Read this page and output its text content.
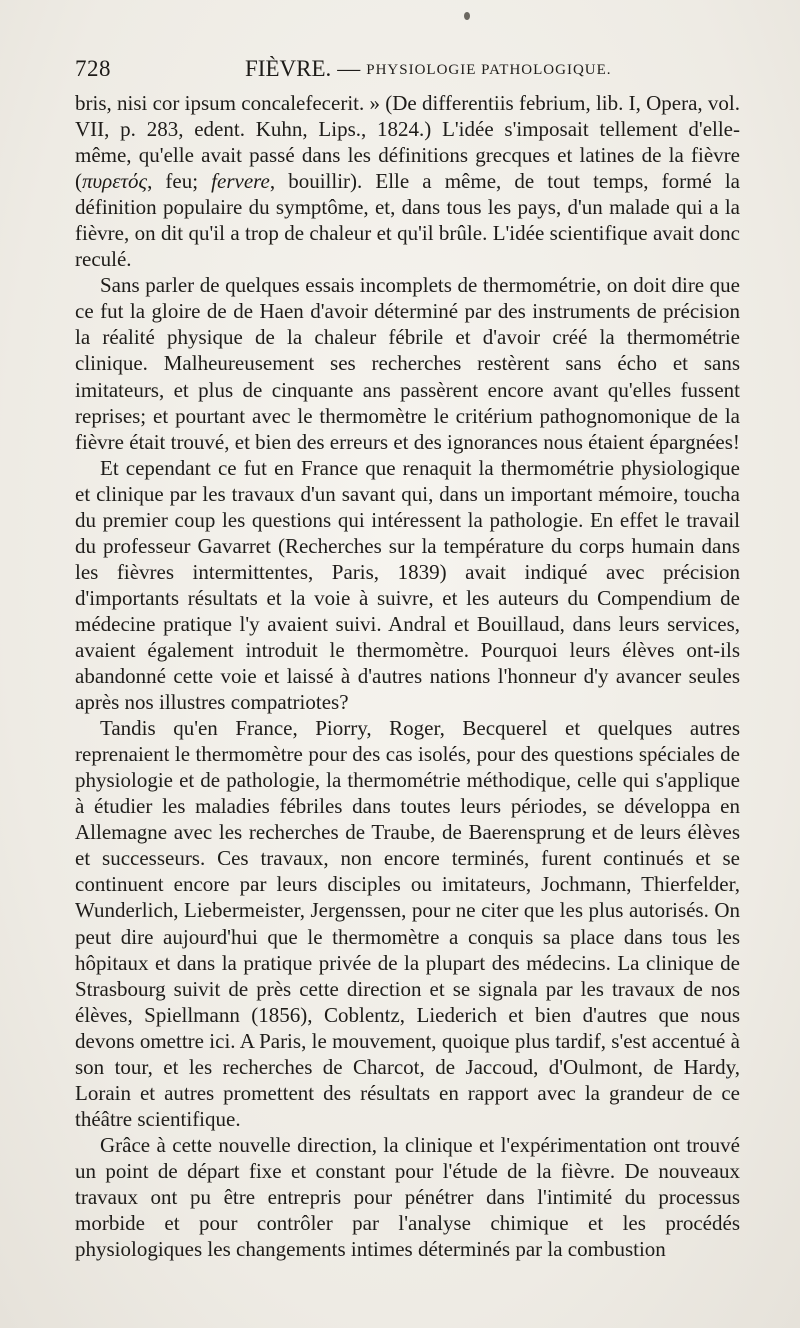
728	FIÈVRE. — PHYSIOLOGIE PATHOLOGIQUE.

bris, nisi cor ipsum concalefecerit. » (De differentiis febrium, lib. I, Opera, vol. VII, p. 283, edent. Kuhn, Lips., 1824.) L'idée s'imposait tellement d'elle-même, qu'elle avait passé dans les définitions grecques et latines de la fièvre (πυρετός, feu; fervere, bouillir). Elle a même, de tout temps, formé la définition populaire du symptôme, et, dans tous les pays, d'un malade qui a la fièvre, on dit qu'il a trop de chaleur et qu'il brûle. L'idée scientifique avait donc reculé.

Sans parler de quelques essais incomplets de thermométrie, on doit dire que ce fut la gloire de de Haen d'avoir déterminé par des instruments de précision la réalité physique de la chaleur fébrile et d'avoir créé la thermométrie clinique. Malheureusement ses recherches restèrent sans écho et sans imitateurs, et plus de cinquante ans passèrent encore avant qu'elles fussent reprises; et pourtant avec le thermomètre le critérium pathognomonique de la fièvre était trouvé, et bien des erreurs et des ignorances nous étaient épargnées!

Et cependant ce fut en France que renaquit la thermométrie physiologique et clinique par les travaux d'un savant qui, dans un important mémoire, toucha du premier coup les questions qui intéressent la pathologie. En effet le travail du professeur Gavarret (Recherches sur la température du corps humain dans les fièvres intermittentes, Paris, 1839) avait indiqué avec précision d'importants résultats et la voie à suivre, et les auteurs du Compendium de médecine pratique l'y avaient suivi. Andral et Bouillaud, dans leurs services, avaient également introduit le thermomètre. Pourquoi leurs élèves ont-ils abandonné cette voie et laissé à d'autres nations l'honneur d'y avancer seules après nos illustres compatriotes?

Tandis qu'en France, Piorry, Roger, Becquerel et quelques autres reprenaient le thermomètre pour des cas isolés, pour des questions spéciales de physiologie et de pathologie, la thermométrie méthodique, celle qui s'applique à étudier les maladies fébriles dans toutes leurs périodes, se développa en Allemagne avec les recherches de Traube, de Baerensprung et de leurs élèves et successeurs. Ces travaux, non encore terminés, furent continués et se continuent encore par leurs disciples ou imitateurs, Jochmann, Thierfelder, Wunderlich, Liebermeister, Jergenssen, pour ne citer que les plus autorisés. On peut dire aujourd'hui que le thermomètre a conquis sa place dans tous les hôpitaux et dans la pratique privée de la plupart des médecins. La clinique de Strasbourg suivit de près cette direction et se signala par les travaux de nos élèves, Spiellmann (1856), Coblentz, Liederich et bien d'autres que nous devons omettre ici. A Paris, le mouvement, quoique plus tardif, s'est accentué à son tour, et les recherches de Charcot, de Jaccoud, d'Oulmont, de Hardy, Lorain et autres promettent des résultats en rapport avec la grandeur de ce théâtre scientifique.

Grâce à cette nouvelle direction, la clinique et l'expérimentation ont trouvé un point de départ fixe et constant pour l'étude de la fièvre. De nouveaux travaux ont pu être entrepris pour pénétrer dans l'intimité du processus morbide et pour contrôler par l'analyse chimique et les procédés physiologiques les changements intimes déterminés par la combustion
